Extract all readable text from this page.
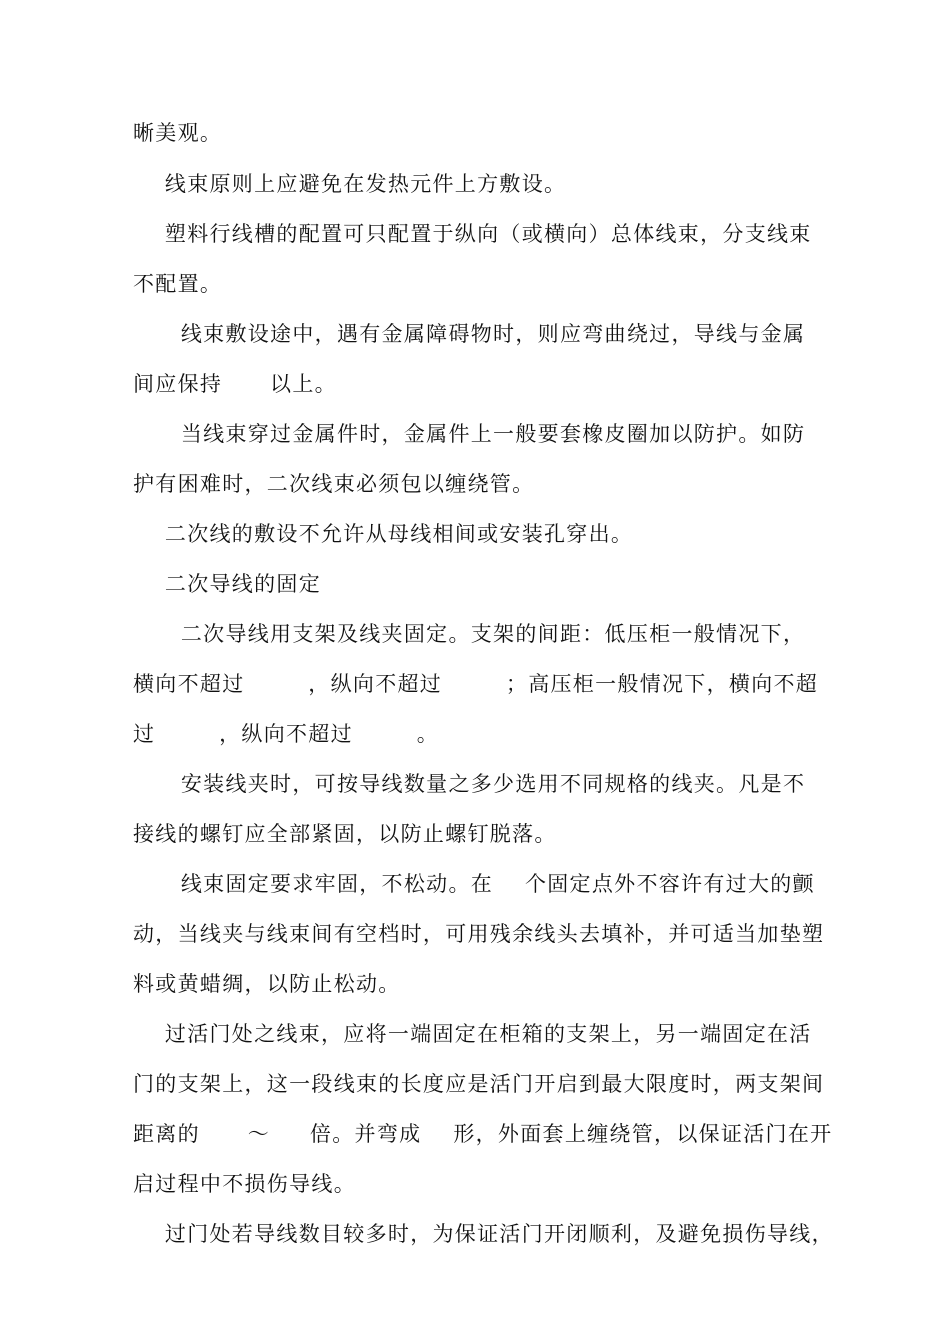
晰美观。
线束原则上应避免在发热元件上方敷设。
塑料行线槽的配置可只配置于纵向（或横向）总体线束，分支线束
不配置。
线束敷设途中，遇有金属障碍物时，则应弯曲绕过，导线与金属
间应保持      以上。
当线束穿过金属件时，金属件上一般要套橡皮圈加以防护。如防
护有困难时，二次线束必须包以缠绕管。
二次线的敷设不允许从母线相间或安装孔穿出。
二次导线的固定
二次导线用支架及线夹固定。支架的间距：低压柜一般情况下，
横向不超过        ，纵向不超过        ；高压柜一般情况下，横向不超
过        ，纵向不超过        。
安装线夹时，可按导线数量之多少选用不同规格的线夹。凡是不
接线的螺钉应全部紧固，以防止螺钉脱落。
线束固定要求牢固，不松动。在    个固定点外不容许有过大的颤
动，当线夹与线束间有空档时，可用残余线头去填补，并可适当加垫塑
料或黄蜡绸，以防止松动。
过活门处之线束，应将一端固定在柜箱的支架上，另一端固定在活
门的支架上，这一段线束的长度应是活门开启到最大限度时，两支架间
距离的      ～     倍。并弯成    形，外面套上缠绕管，以保证活门在开
启过程中不损伤导线。
过门处若导线数目较多时，为保证活门开闭顺利，及避免损伤导线，
